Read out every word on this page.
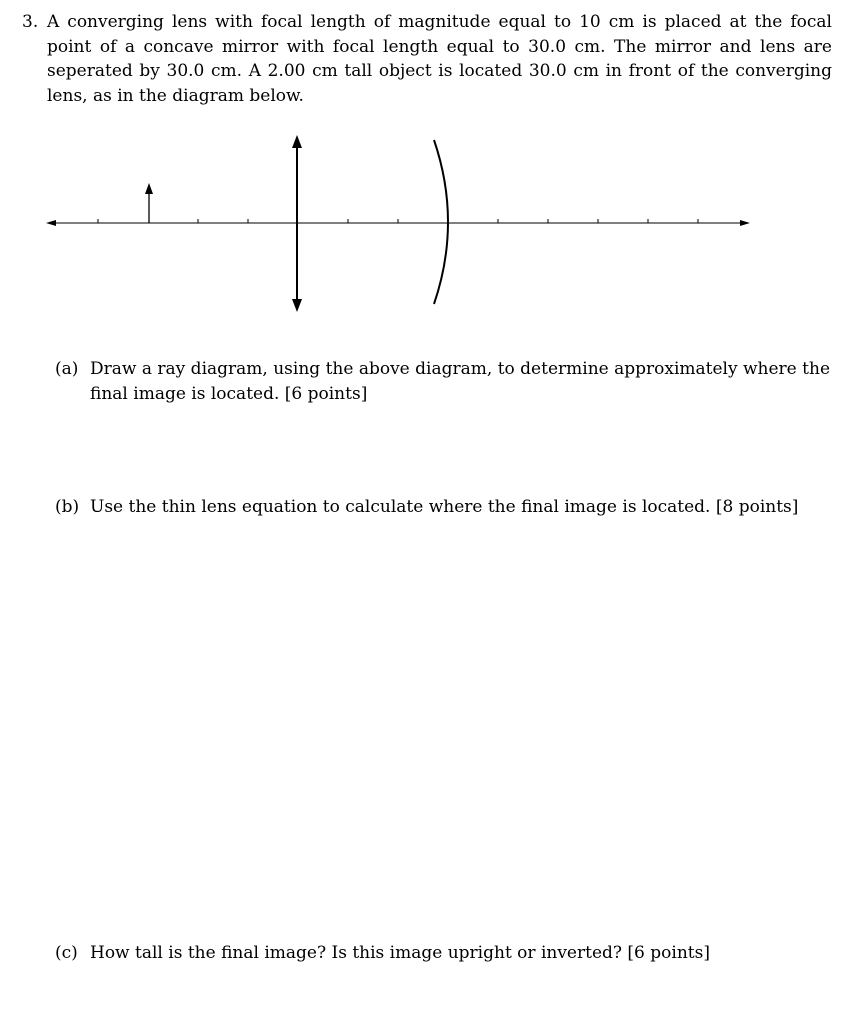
3. A converging lens with focal length of magnitude equal to 10 cm is placed at the focal point of a concave mirror with focal length equal to 30.0 cm. The mirror and lens are seperated by 30.0 cm. A 2.00 cm tall object is located 30.0 cm in front of the converging lens, as in the diagram below.
(a) Draw a ray diagram, using the above diagram, to determine approximately where the final image is located. [6 points]
(b) Use the thin lens equation to calculate where the final image is located. [8 points]
(c) How tall is the final image? Is this image upright or inverted? [6 points]
